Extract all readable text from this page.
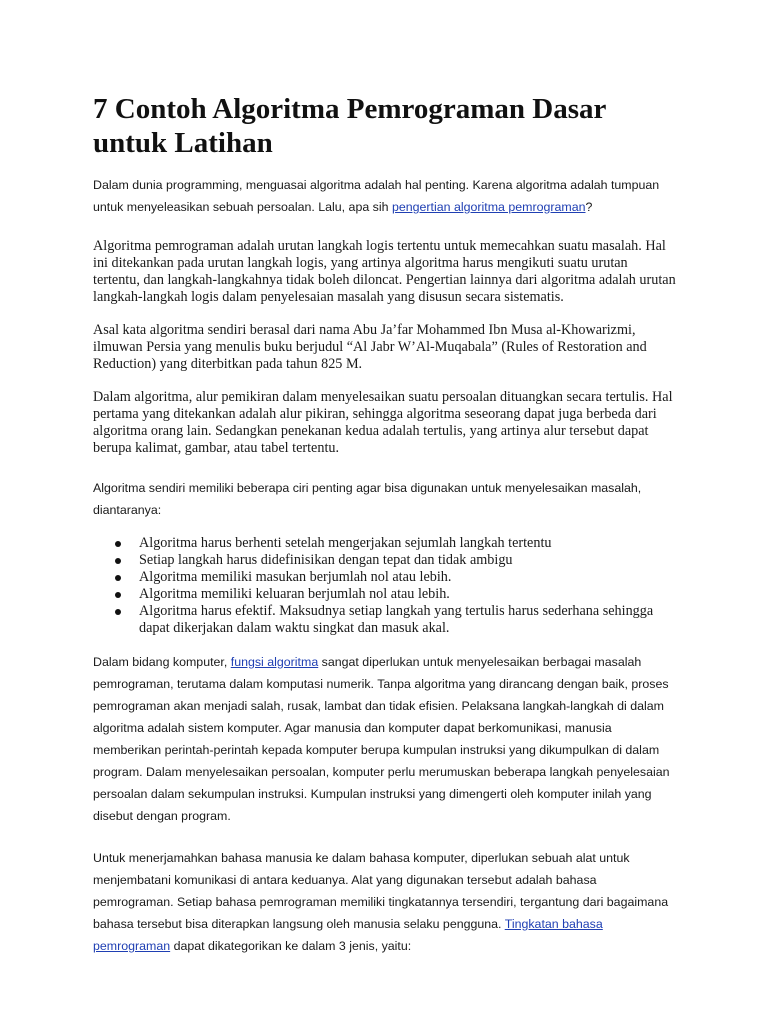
7 Contoh Algoritma Pemrograman Dasar untuk Latihan

Dalam dunia programming, menguasai algoritma adalah hal penting. Karena algoritma adalah tumpuan untuk menyeleasikan sebuah persoalan. Lalu, apa sih pengertian algoritma pemrograman?

Algoritma pemrograman adalah urutan langkah logis tertentu untuk memecahkan suatu masalah. Hal ini ditekankan pada urutan langkah logis, yang artinya algoritma harus mengikuti suatu urutan tertentu, dan langkah-langkahnya tidak boleh diloncat. Pengertian lainnya dari algoritma adalah urutan langkah-langkah logis dalam penyelesaian masalah yang disusun secara sistematis.

Asal kata algoritma sendiri berasal dari nama Abu Ja’far Mohammed Ibn Musa al-Khowarizmi, ilmuwan Persia yang menulis buku berjudul “Al Jabr W’Al-Muqabala” (Rules of Restoration and Reduction) yang diterbitkan pada tahun 825 M.

Dalam algoritma, alur pemikiran dalam menyelesaikan suatu persoalan dituangkan secara tertulis. Hal pertama yang ditekankan adalah alur pikiran, sehingga algoritma seseorang dapat juga berbeda dari algoritma orang lain. Sedangkan penekanan kedua adalah tertulis, yang artinya alur tersebut dapat berupa kalimat, gambar, atau tabel tertentu.

Algoritma sendiri memiliki beberapa ciri penting agar bisa digunakan untuk menyelesaikan masalah, diantaranya:

Algoritma harus berhenti setelah mengerjakan sejumlah langkah tertentu
Setiap langkah harus didefinisikan dengan tepat dan tidak ambigu
Algoritma memiliki masukan berjumlah nol atau lebih.
Algoritma memiliki keluaran berjumlah nol atau lebih.
Algoritma harus efektif. Maksudnya setiap langkah yang tertulis harus sederhana sehingga dapat dikerjakan dalam waktu singkat dan masuk akal.

Dalam bidang komputer, fungsi algoritma sangat diperlukan untuk menyelesaikan berbagai masalah pemrograman, terutama dalam komputasi numerik. Tanpa algoritma yang dirancang dengan baik, proses pemrograman akan menjadi salah, rusak, lambat dan tidak efisien. Pelaksana langkah-langkah di dalam algoritma adalah sistem komputer. Agar manusia dan komputer dapat berkomunikasi, manusia memberikan perintah-perintah kepada komputer berupa kumpulan instruksi yang dikumpulkan di dalam program. Dalam menyelesaikan persoalan, komputer perlu merumuskan beberapa langkah penyelesaian persoalan dalam sekumpulan instruksi. Kumpulan instruksi yang dimengerti oleh komputer inilah yang disebut dengan program.

Untuk menerjamahkan bahasa manusia ke dalam bahasa komputer, diperlukan sebuah alat untuk menjembatani komunikasi di antara keduanya. Alat yang digunakan tersebut adalah bahasa pemrograman. Setiap bahasa pemrograman memiliki tingkatannya tersendiri, tergantung dari bagaimana bahasa tersebut bisa diterapkan langsung oleh manusia selaku pengguna. Tingkatan bahasa pemrograman dapat dikategorikan ke dalam 3 jenis, yaitu:
